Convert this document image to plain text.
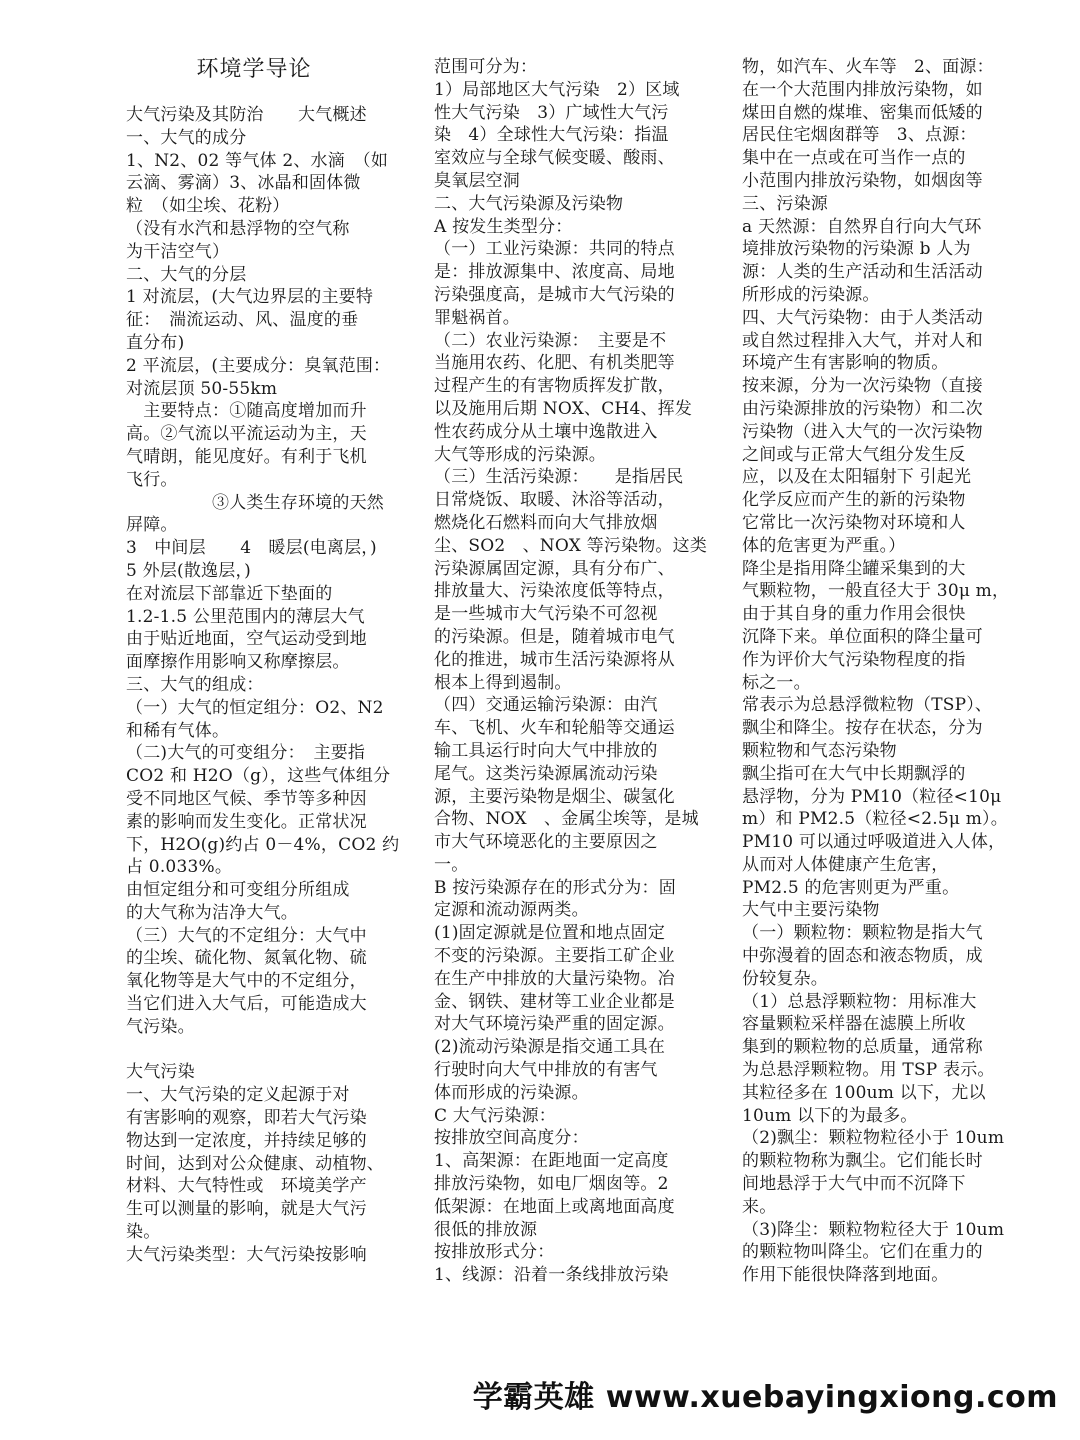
环境学导论

大气污染及其防治　　大气概述

一、大气的成分

1、N2、02 等气体 2、水滴　（如

云滴、雾滴）3、冰晶和固体微

粒　（如尘埃、花粉）

（没有水汽和悬浮物的空气称

为干洁空气）

二、大气的分层

1 对流层，(大气边界层的主要特

征：　湍流运动、风、温度的垂

直分布)

2 平流层，(主要成分：臭氧范围：

对流层顶 50-55km

　主要特点：①随高度增加而升

高。②气流以平流运动为主，天

气晴朗，能见度好。有利于飞机

飞行。

　　　　　③人类生存环境的天然

屏障。

3　中间层　　4　暖层(电离层，)

5 外层(散逸层，)

在对流层下部靠近下垫面的

1.2-1.5 公里范围内的薄层大气

由于贴近地面，空气运动受到地

面摩擦作用影响又称摩擦层。

三、大气的组成：

（一）大气的恒定组分：O2、N2

和稀有气体。

（二)大气的可变组分：　主要指

CO2 和 H2O（g），这些气体组分

受不同地区气候、季节等多种因

素的影响而发生变化。正常状况

下，H2O(g)约占 0－4%，CO2 约

占 0.033%。

由恒定组分和可变组分所组成

的大气称为洁净大气。

（三）大气的不定组分：大气中

的尘埃、硫化物、氮氧化物、硫

氧化物等是大气中的不定组分，

当它们进入大气后，可能造成大

气污染。

大气污染

一、大气污染的定义起源于对

有害影响的观察，即若大气污染

物达到一定浓度，并持续足够的

时间，达到对公众健康、动植物、

材料、大气特性或　环境美学产

生可以测量的影响，就是大气污

染。

大气污染类型：大气污染按影响

范围可分为：

1）局部地区大气污染　2）区域

性大气污染　3）广域性大气污

染　4）全球性大气污染：指温

室效应与全球气候变暖、酸雨、

臭氧层空洞

二、大气污染源及污染物

A 按发生类型分：

（一）工业污染源：共同的特点

是：排放源集中、浓度高、局地

污染强度高，是城市大气污染的

罪魁祸首。

（二）农业污染源：　主要是不

当施用农药、化肥、有机类肥等

过程产生的有害物质挥发扩散，

以及施用后期 NOX、CH4、挥发

性农药成分从土壤中逸散进入

大气等形成的污染源。

（三）生活污染源：　　是指居民

日常烧饭、取暖、沐浴等活动，

燃烧化石燃料而向大气排放烟

尘、SO2　、NOX 等污染物。这类

污染源属固定源，具有分布广、

排放量大、污染浓度低等特点，

是一些城市大气污染不可忽视

的污染源。但是，随着城市电气

化的推进，城市生活污染源将从

根本上得到遏制。

（四）交通运输污染源：由汽

车、飞机、火车和轮船等交通运

输工具运行时向大气中排放的

尾气。这类污染源属流动污染

源，主要污染物是烟尘、碳氢化

合物、NOX　、金属尘埃等，是城

市大气环境恶化的主要原因之

一。

B 按污染源存在的形式分为：固

定源和流动源两类。

(1)固定源就是位置和地点固定

不变的污染源。主要指工矿企业

在生产中排放的大量污染物。冶

金、钢铁、建材等工业企业都是

对大气环境污染严重的固定源。

(2)流动污染源是指交通工具在

行驶时向大气中排放的有害气

体而形成的污染源。

C 大气污染源：

按排放空间高度分：

1、高架源：在距地面一定高度

排放污染物，如电厂烟囱等。2

低架源：在地面上或离地面高度

很低的排放源

按排放形式分：

1、线源：沿着一条线排放污染

物，如汽车、火车等　2、面源：

在一个大范围内排放污染物，如

煤田自燃的煤堆、密集而低矮的

居民住宅烟囱群等　3、点源：

集中在一点或在可当作一点的

小范围内排放污染物，如烟囱等

三、污染源

a 天然源：自然界自行向大气环

境排放污染物的污染源 b 人为

源：人类的生产活动和生活活动

所形成的污染源。

四、大气污染物：由于人类活动

或自然过程排入大气，并对人和

环境产生有害影响的物质。

按来源，分为一次污染物（直接

由污染源排放的污染物）和二次

污染物（进入大气的一次污染物

之间或与正常大气组分发生反

应，以及在太阳辐射下 引起光

化学反应而产生的新的污染物

它常比一次污染物对环境和人

体的危害更为严重。）

降尘是指用降尘罐采集到的大

气颗粒物，一般直径大于 30μ m，

由于其自身的重力作用会很快

沉降下来。单位面积的降尘量可

作为评价大气污染物程度的指

标之一。

常表示为总悬浮微粒物（TSP）、

飘尘和降尘。按存在状态，分为

颗粒物和气态污染物

飘尘指可在大气中长期飘浮的

悬浮物，分为 PM10（粒径<10μ

m）和 PM2.5（粒径<2.5μ m）。

PM10 可以通过呼吸道进入人体，

从而对人体健康产生危害，

PM2.5 的危害则更为严重。

大气中主要污染物

（一）颗粒物：颗粒物是指大气

中弥漫着的固态和液态物质，成

份较复杂。

（1）总悬浮颗粒物：用标准大

容量颗粒采样器在滤膜上所收

集到的颗粒物的总质量，通常称

为总悬浮颗粒物。用 TSP 表示。

其粒径多在 100um 以下，尤以

10um 以下的为最多。

（2)飘尘：颗粒物粒径小于 10um

的颗粒物称为飘尘。它们能长时

间地悬浮于大气中而不沉降下

来。

（3)降尘：颗粒物粒径大于 10um

的颗粒物叫降尘。它们在重力的

作用下能很快降落到地面。

学霸英雄 www.xuebayingxiong.com
